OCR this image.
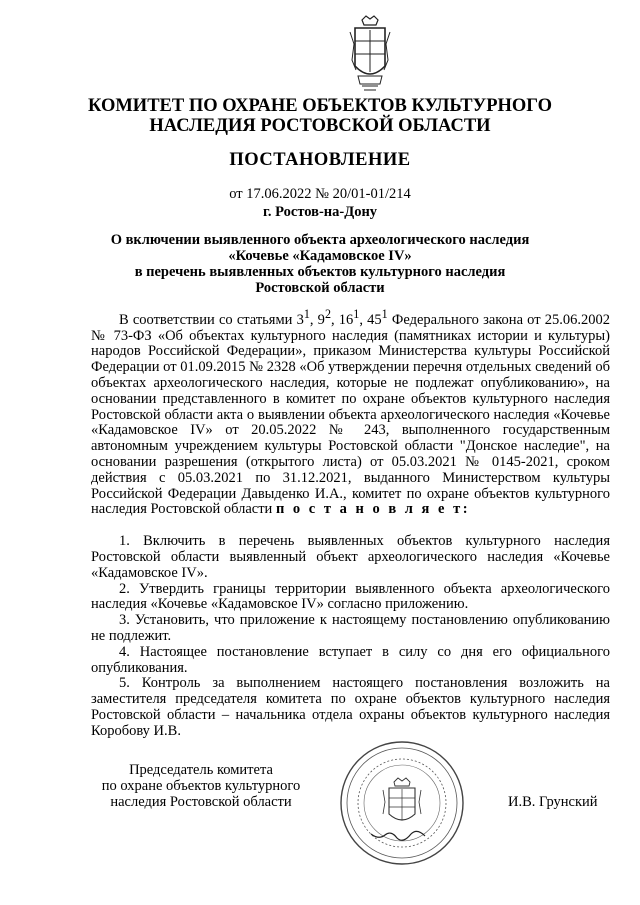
КОМИТЕТ ПО ОХРАНЕ ОБЪЕКТОВ КУЛЬТУРНОГО
НАСЛЕДИЯ РОСТОВСКОЙ ОБЛАСТИ
ПОСТАНОВЛЕНИЕ
от 17.06.2022 № 20/01-01/214
г. Ростов-на-Дону
О включении выявленного объекта археологического наследия
«Кочевье «Кадамовское IV»
в перечень выявленных объектов культурного наследия
Ростовской области

В соответствии со статьями $3^1$, $9^2$, $16^1$, $45^1$ Федерального закона от 25.06.2002 № 73-ФЗ «Об объектах культурного наследия (памятниках истории и культуры) народов Российской Федерации», приказом Министерства культуры Российской Федерации от 01.09.2015 № 2328 «Об утверждении перечня отдельных сведений об объектах археологического наследия, которые не подлежат опубликованию», на основании представленного в комитет по охране объектов культурного наследия Ростовской области акта о выявлении объекта археологического наследия «Кочевье «Кадамовское IV» от 20.05.2022 № 243, выполненного государственным автономным учреждением культуры Ростовской области "Донское наследие", на основании разрешения (открытого листа) от 05.03.2021 № 0145-2021, сроком действия с 05.03.2021 по 31.12.2021, выданного Министерством культуры Российской Федерации Давыденко И.А., комитет по охране объектов культурного наследия Ростовской области п о с т а н о в л я е т:

1. Включить в перечень выявленных объектов культурного наследия Ростовской области выявленный объект археологического наследия «Кочевье «Кадамовское IV».

2. Утвердить границы территории выявленного объекта археологического наследия «Кочевье «Кадамовское IV» согласно приложению.

3. Установить, что приложение к настоящему постановлению опубликованию не подлежит.

4. Настоящее постановление вступает в силу со дня его официального опубликования.

5. Контроль за выполнением настоящего постановления возложить на заместителя председателя комитета по охране объектов культурного наследия Ростовской области – начальника отдела охраны объектов культурного наследия Коробову И.В.

Председатель комитета
по охране объектов культурного
наследия Ростовской области	И.В. Грунский
